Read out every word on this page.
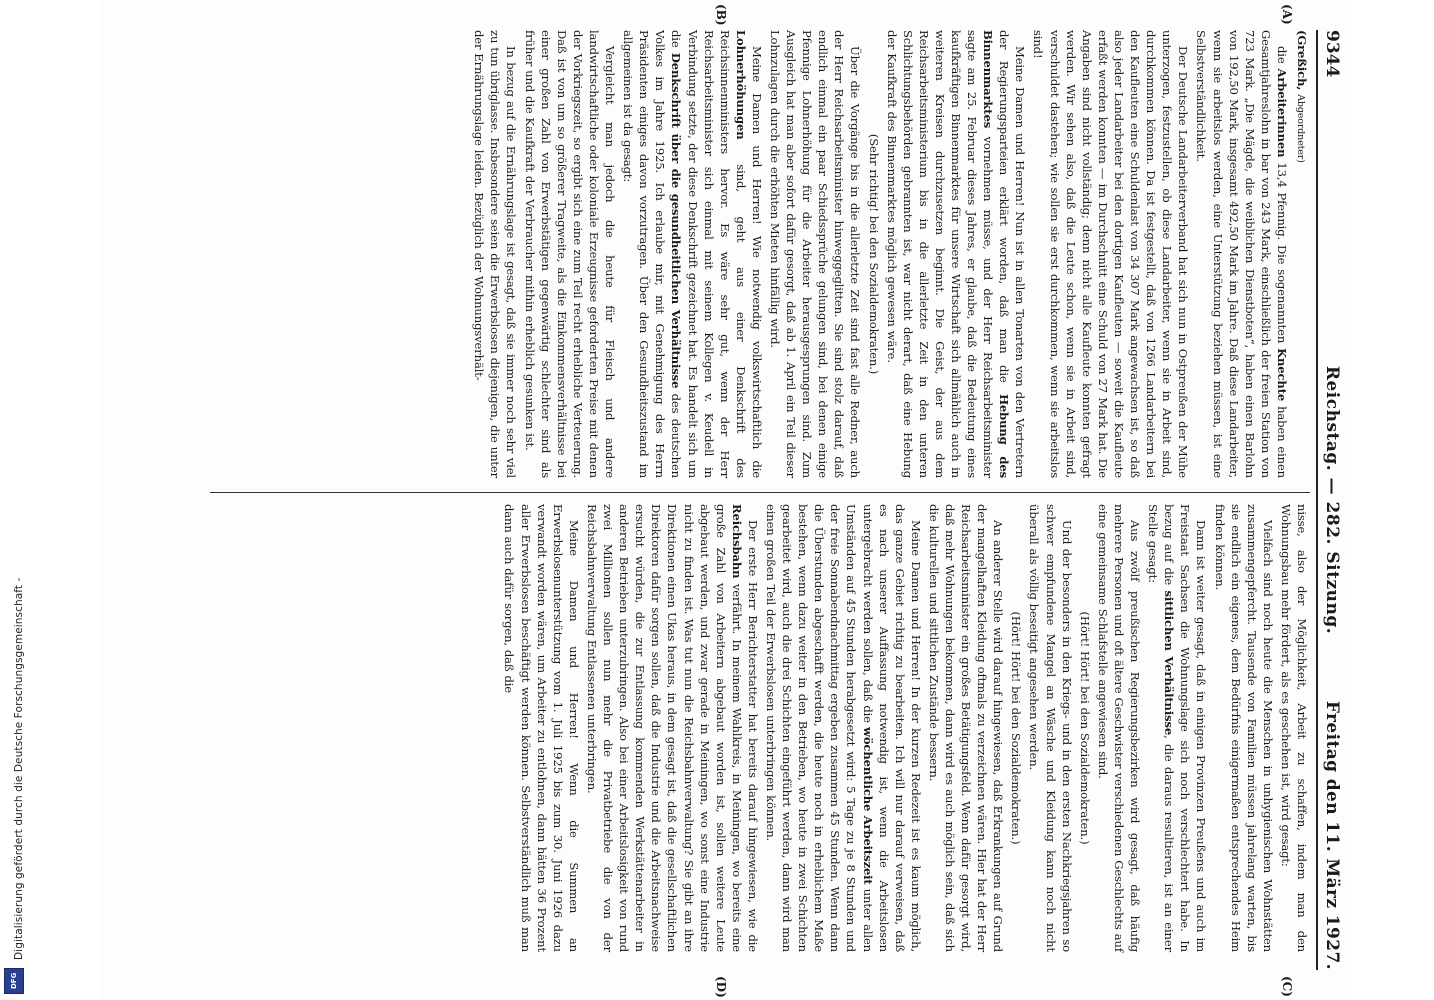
Digitalisierung gefördert durch die Deutsche Forschungsgemeinschaft -
DFG
9344
Reichstag. — 282. Sitzung.
Freitag den 11. März 1927.
(A)
(B)
(C)
(D)

(Greßich, Abgeordneter)

die Arbeiterinnen 13,4 Pfennig. Die sogenannten Knechte haben einen Gesamtjahreslohn in bar von 243 Mark, einschließlich der freien Station von 723 Mark. „Die Mägde, die weiblichen Dienstboten“, haben einen Barlohn von 192,50 Mark, insgesamt 492,50 Mark im Jahre. Daß diese Landarbeiter, wenn sie arbeitslos werden, eine Unterstützung beziehen müssen, ist eine Selbstverständlichkeit.

Der Deutsche Landarbeiterverband hat sich nun in Ostpreußen der Mühe unterzogen, festzustellen, ob diese Landarbeiter, wenn sie in Arbeit sind, durchkommen können. Da ist festgestellt, daß von 1266 Landarbeitern bei den Kaufleuten eine Schuldenlast von 34 307 Mark angewachsen ist, so daß also jeder Landarbeiter bei den dortigen Kaufleuten — soweit die Kaufleute erfaßt werden konnten — im Durchschnitt eine Schuld von 27 Mark hat. Die Angaben sind nicht vollständig; denn nicht alle Kaufleute konnten gefragt werden. Wir sehen also, daß die Leute schon, wenn sie in Arbeit sind, verschuldet dastehen; wie sollen sie erst durchkommen, wenn sie arbeitslos sind!

Meine Damen und Herren! Nun ist in allen Tonarten von den Vertretern der Regierungsparteien erklärt worden, daß man die Hebung des Binnenmarktes vornehmen müsse, und der Herr Reichsarbeitsminister sagte am 25. Februar dieses Jahres, er glaube, daß die Bedeutung eines kaufkräftigen Binnenmarktes für unsere Wirtschaft sich allmählich auch in weiteren Kreisen durchzusetzen beginnt. Die Geist, der aus dem Reichsarbeitsministerium bis in die allerletzte Zeit in den unteren Schlichtungsbehörden gebrannten ist, war nicht derart, daß eine Hebung der Kaufkraft des Binnenmarktes möglich gewesen wäre.

(Sehr richtig! bei den Sozialdemokraten.)

Über die Vorgänge bis in die allerletzte Zeit sind fast alle Redner, auch der Herr Reichsarbeitsminister hinweggeglitten. Sie sind stolz darauf, daß endlich einmal ein paar Schiedssprüche gelungen sind, bei denen einige Pfennige Lohnerhöhung für die Arbeiter herausgesprungen sind. Zum Ausgleich hat man aber sofort dafür gesorgt, daß ab 1. April ein Teil dieser Lohnzulagen durch die erhöhten Mieten hinfällig wird.

Meine Damen und Herren! Wie notwendig volkswirtschaftlich die Lohnerhöhungen sind, geht aus einer Denkschrift des Reichsinnenministers hervor. Es wäre sehr gut, wenn der Herr Reichsarbeitsminister sich einmal mit seinem Kollegen v. Keudell in Verbindung setzte, der diese Denkschrift gezeichnet hat. Es handelt sich um die Denkschrift über die gesundheitlichen Verhältnisse des deutschen Volkes im Jahre 1925. Ich erlaube mir, mit Genehmigung des Herrn Präsidenten einiges davon vorzutragen. Über den Gesundheitszustand im allgemeinen ist da gesagt:

Vergleicht man jedoch die heute für Fleisch und andere landwirtschaftliche oder koloniale Erzeugnisse geforderten Preise mit denen der Vorkriegszeit, so ergibt sich eine zum Teil recht erhebliche Verteuerung. Daß ist von um so größerer Tragweite, als die Einkommensverhältnisse bei einer großen Zahl von Erwerbstätigen gegenwärtig schlechter sind als früher und die Kaufkraft der Verbraucher mithin erheblich gesunken ist.

In bezug auf die Ernährungslage ist gesagt, daß sie immer noch sehr viel zu tun übriglasse. Insbesondere seien die Erwerbslosen diejenigen, die unter der Ernährungslage leiden. Bezüglich der Wohnungsverhält-

nisse, also der Möglichkeit, Arbeit zu schaffen, indem man den Wohnungsbau mehr fördert, als es geschehen ist, wird gesagt:

Vielfach sind noch heute die Menschen in unhygienischen Wohnstätten zusammengepfercht. Tausende von Familien müssen jahrelang warten, bis sie endlich ein eigenes, dem Bedürfnis einigermaßen entsprechendes Heim finden können.

Dann ist weiter gesagt, daß in einigen Provinzen Preußens und auch im Freistaat Sachsen die Wohnungslage sich noch verschlechtert habe. In bezug auf die sittlichen Verhältnisse, die daraus resultieren, ist an einer Stelle gesagt:

Aus zwölf preußischen Regierungsbezirken wird gesagt, daß häufig mehrere Personen und oft ältere Geschwister verschiedenen Geschlechts auf eine gemeinsame Schlafstelle angewiesen sind.

(Hört! Hört! bei den Sozialdemokraten.)

Und der besonders in den Kriegs- und in den ersten Nachkriegsjahren so schwer empfundene Mangel an Wäsche und Kleidung kann noch nicht überall als völlig beseitigt angesehen werden.

(Hört! Hört! bei den Sozialdemokraten.)

An anderer Stelle wird darauf hingewiesen, daß Erkrankungen auf Grund der mangelhaften Kleidung oftmals zu verzeichnen wären. Hier hat der Herr Reichsarbeitsminister ein großes Betätigungsfeld. Wenn dafür gesorgt wird, daß mehr Wohnungen bekommen, dann wird es auch möglich sein, daß sich die kulturellen und sittlichen Zustände bessern.

Meine Damen und Herren! In der kurzen Redezeit ist es kaum möglich, das ganze Gebiet richtig zu bearbeiten. Ich will nur darauf verweisen, daß es nach unserer Auffassung notwendig ist, wenn die Arbeitslosen untergebracht werden sollen, daß die wöchentliche Arbeitszeit unter allen Umständen auf 45 Stunden herabgesetzt wird: 5 Tage zu je 8 Stunden und der freie Sonnabendnachmittag ergeben zusammen 45 Stunden. Wenn dann die Überstunden abgeschafft werden, die heute noch in erheblichem Maße bestehen, wenn dazu weiter in den Betrieben, wo heute in zwei Schichten gearbeitet wird, auch die drei Schichten eingeführt werden, dann wird man einen großen Teil der Erwerbslosen unterbringen können.

Der erste Herr Berichterstatter hat bereits darauf hingewiesen, wie die Reichsbahn verfährt. In meinem Wahlkreis, in Meiningen, wo bereits eine große Zahl von Arbeitern abgebaut worden ist, sollen weitere Leute abgebaut werden, und zwar gerade in Meiningen, wo sonst eine Industrie nicht zu finden ist. Was tut nun die Reichsbahnverwaltung? Sie gibt an ihre Direktionen einen Ukas heraus, in dem gesagt ist, daß die gesellschaftlichen Direktoren dafür sorgen sollen, daß die Industrie und die Arbeitsnachweise ersucht würden, die zur Entlassung kommenden Werkstättenarbeiter in anderen Betrieben unterzubringen. Also bei einer Arbeitslosigkeit von rund zwei Millionen sollen nun mehr die Privatbetriebe die von der Reichsbahnverwaltung Entlassenen unterbringen.

Meine Damen und Herren! Wenn die Summen an Erwerbslosenunterstützung vom 1. Juli 1925 bis zum 30. Juni 1926 dazu verwandt worden wären, um Arbeiter zu entlohnen, dann hätten 36 Prozent aller Erwerbslosen beschäftigt werden können. Selbstverständlich muß man dann auch dafür sorgen, daß die
